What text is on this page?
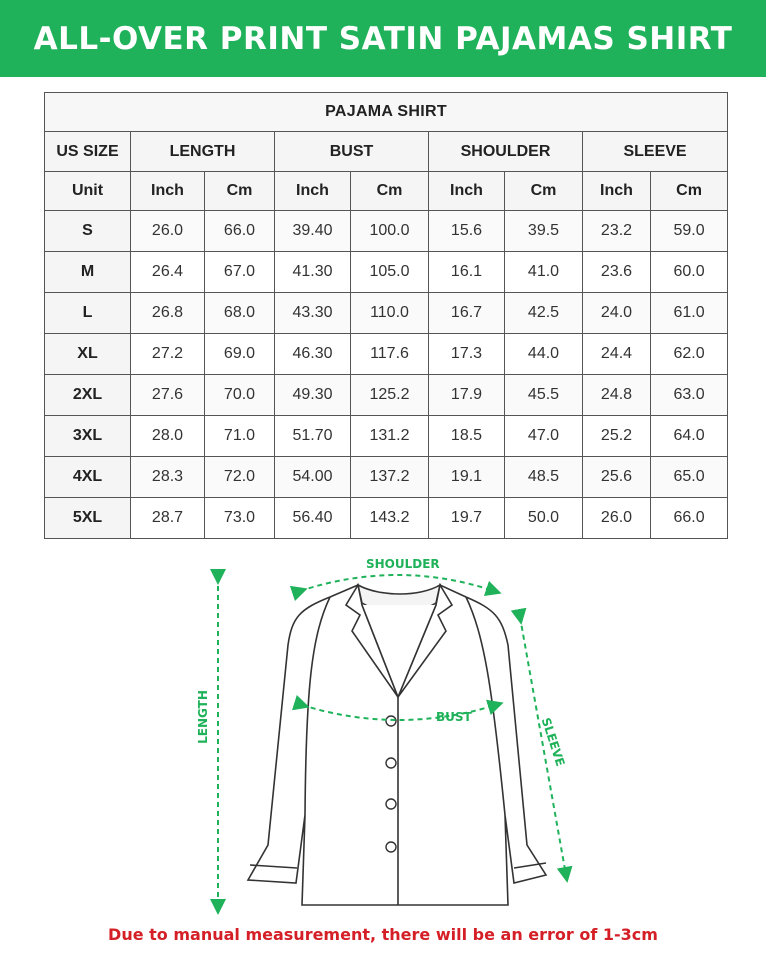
ALL-OVER PRINT SATIN PAJAMAS SHIRT
PAJAMA SHIRT								
US SIZE	LENGTH		BUST		SHOULDER		SLEEVE	
Unit	Inch	Cm	Inch	Cm	Inch	Cm	Inch	Cm
S	26.0	66.0	39.40	100.0	15.6	39.5	23.2	59.0
M	26.4	67.0	41.30	105.0	16.1	41.0	23.6	60.0
L	26.8	68.0	43.30	110.0	16.7	42.5	24.0	61.0
XL	27.2	69.0	46.30	117.6	17.3	44.0	24.4	62.0
2XL	27.6	70.0	49.30	125.2	17.9	45.5	24.8	63.0
3XL	28.0	71.0	51.70	131.2	18.5	47.0	25.2	64.0
4XL	28.3	72.0	54.00	137.2	19.1	48.5	25.6	65.0
5XL	28.7	73.0	56.40	143.2	19.7	50.0	26.0	66.0
SHOULDER
BUST
LENGTH	SLEEVE
Due to manual measurement, there will be an error of 1-3cm
